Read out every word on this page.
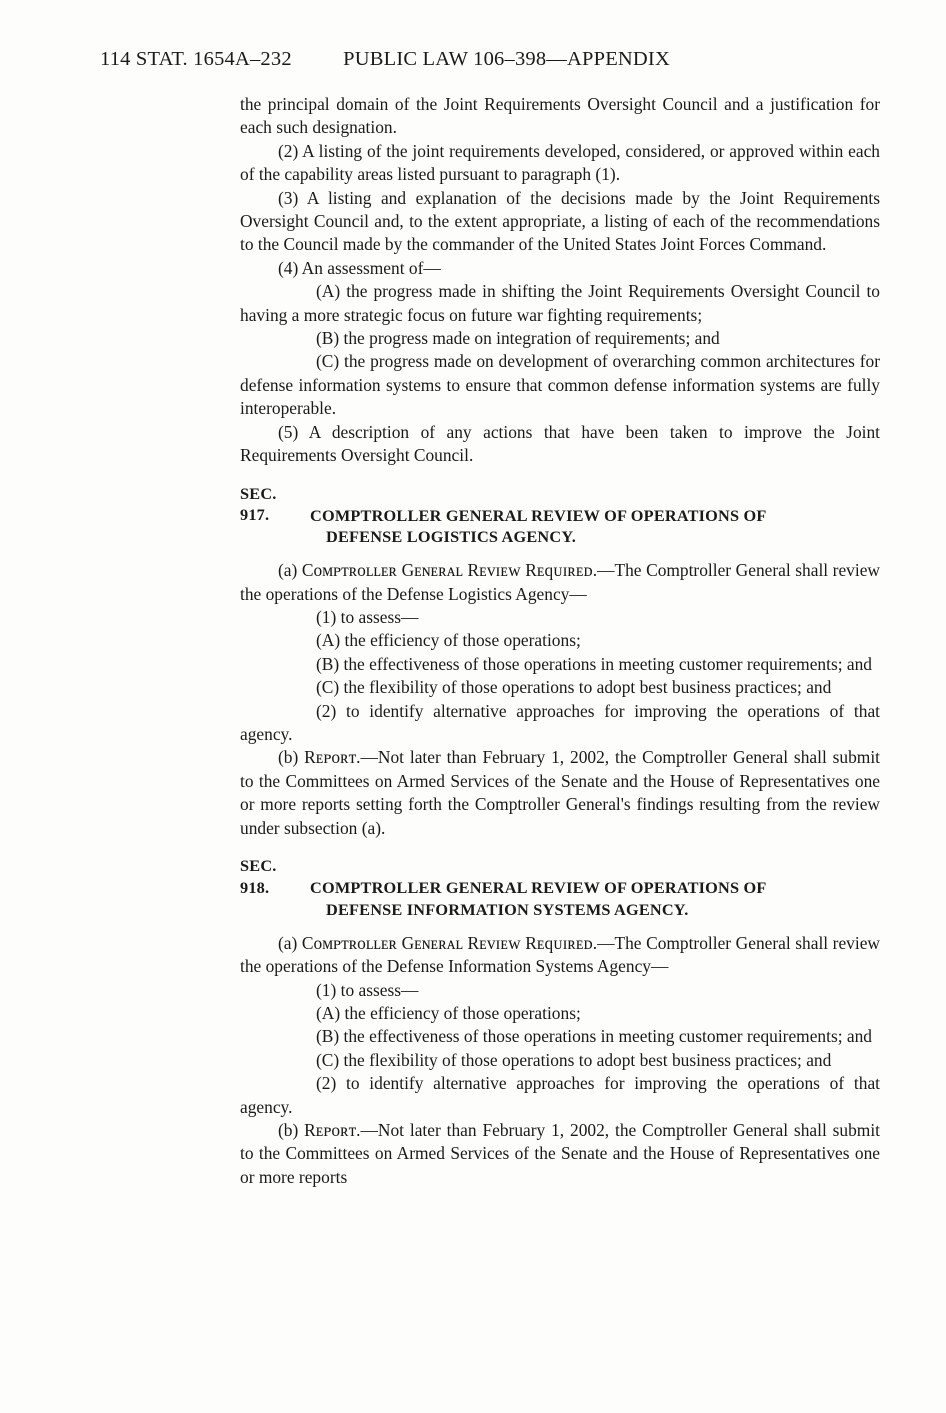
114 STAT. 1654A–232	PUBLIC LAW 106–398—APPENDIX

the principal domain of the Joint Requirements Oversight Council and a justification for each such designation.

(2) A listing of the joint requirements developed, considered, or approved within each of the capability areas listed pursuant to paragraph (1).

(3) A listing and explanation of the decisions made by the Joint Requirements Oversight Council and, to the extent appropriate, a listing of each of the recommendations to the Council made by the commander of the United States Joint Forces Command.

(4) An assessment of—

(A) the progress made in shifting the Joint Requirements Oversight Council to having a more strategic focus on future war fighting requirements;

(B) the progress made on integration of requirements; and

(C) the progress made on development of overarching common architectures for defense information systems to ensure that common defense information systems are fully interoperable.

(5) A description of any actions that have been taken to improve the Joint Requirements Oversight Council.

SEC. 917. COMPTROLLER GENERAL REVIEW OF OPERATIONS OF
DEFENSE LOGISTICS AGENCY.

(a) Cᴏᴍᴘᴛʀᴏʟʟᴇʀ Gᴇɴᴇʀᴀʟ Rᴇᴠɪᴇᴡ Rᴇqᴜɪʀᴇᴅ.—The Comptroller General shall review the operations of the Defense Logistics Agency—

(1) to assess—

(A) the efficiency of those operations;

(B) the effectiveness of those operations in meeting customer requirements; and

(C) the flexibility of those operations to adopt best business practices; and

(2) to identify alternative approaches for improving the operations of that agency.

(b) Rᴇᴘᴏʀᴛ.—Not later than February 1, 2002, the Comptroller General shall submit to the Committees on Armed Services of the Senate and the House of Representatives one or more reports setting forth the Comptroller General's findings resulting from the review under subsection (a).

SEC. 918. COMPTROLLER GENERAL REVIEW OF OPERATIONS OF
DEFENSE INFORMATION SYSTEMS AGENCY.

(a) Cᴏᴍᴘᴛʀᴏʟʟᴇʀ Gᴇɴᴇʀᴀʟ Rᴇᴠɪᴇᴡ Rᴇqᴜɪʀᴇᴅ.—The Comptroller General shall review the operations of the Defense Information Systems Agency—

(1) to assess—

(A) the efficiency of those operations;

(B) the effectiveness of those operations in meeting customer requirements; and

(C) the flexibility of those operations to adopt best business practices; and

(2) to identify alternative approaches for improving the operations of that agency.

(b) Rᴇᴘᴏʀᴛ.—Not later than February 1, 2002, the Comptroller General shall submit to the Committees on Armed Services of the Senate and the House of Representatives one or more reports
